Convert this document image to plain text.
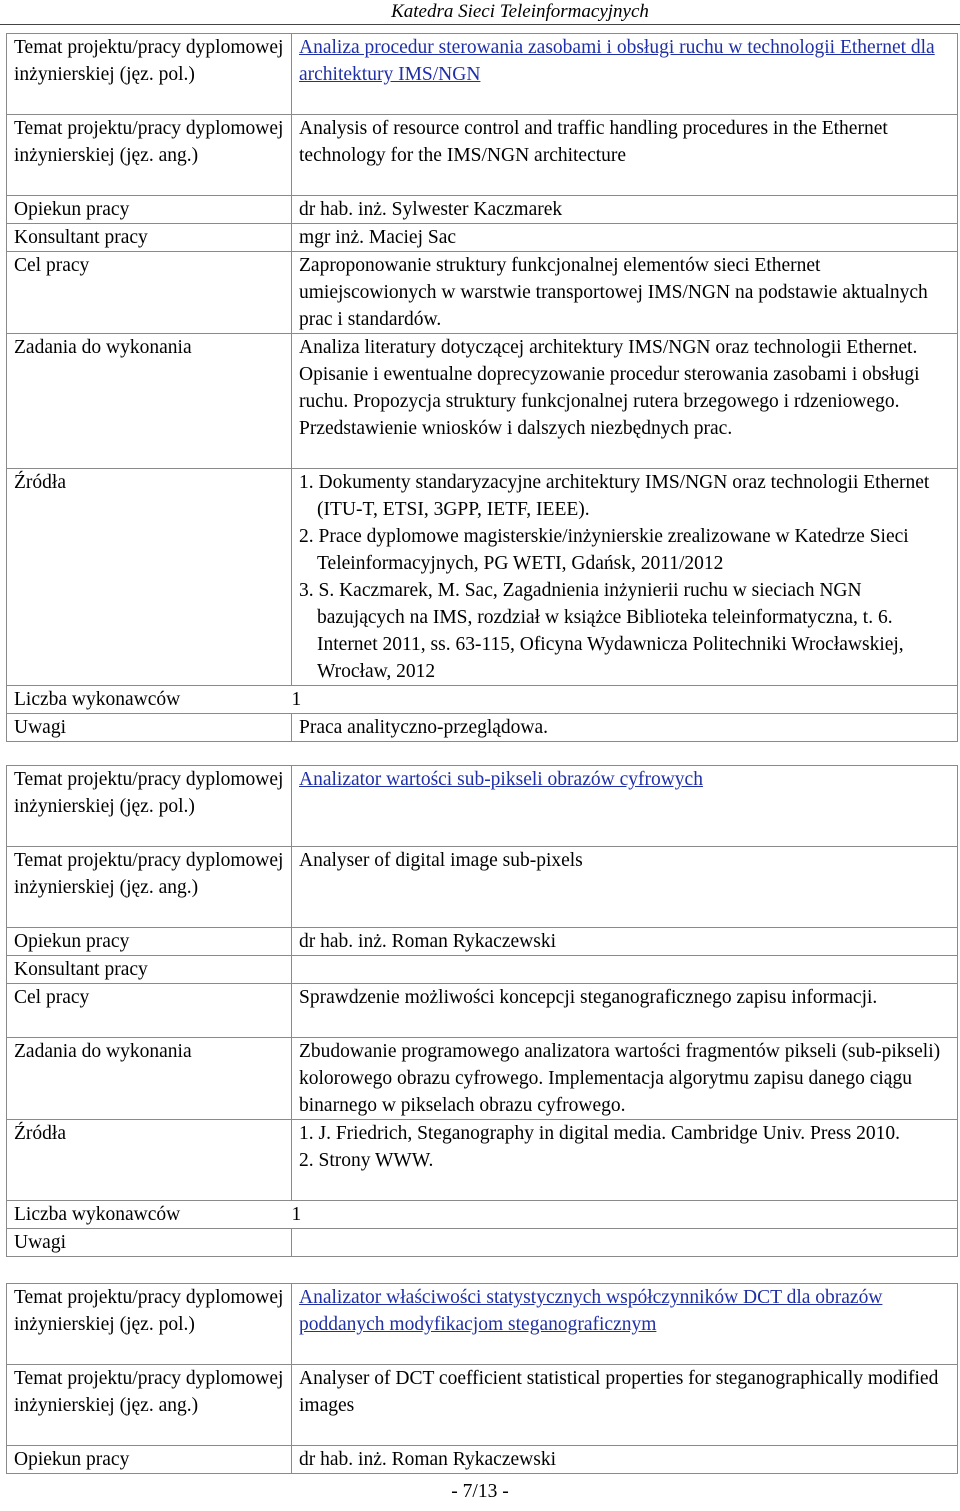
Katedra Sieci Teleinformacyjnych
Temat projektu/pracy dyplomowej inżynierskiej (jęz. pol.)	Analiza procedur sterowania zasobami i obsługi ruchu w technologii Ethernet dla architektury IMS/NGN
Temat projektu/pracy dyplomowej inżynierskiej (jęz. ang.)	Analysis of resource control and traffic handling procedures in the Ethernet technology for the IMS/NGN architecture
Opiekun pracy	dr hab. inż. Sylwester Kaczmarek
Konsultant pracy	mgr inż. Maciej Sac
Cel pracy	Zaproponowanie struktury funkcjonalnej elementów sieci Ethernet umiejscowionych w warstwie transportowej IMS/NGN na podstawie aktualnych prac i standardów.
Zadania do wykonania	Analiza literatury dotyczącej architektury IMS/NGN oraz technologii Ethernet. Opisanie i ewentualne doprecyzowanie procedur sterowania zasobami i obsługi ruchu. Propozycja struktury funkcjonalnej rutera brzegowego i rdzeniowego. Przedstawienie wniosków i dalszych niezbędnych prac.
Źródła	1. Dokumenty standaryzacyjne architektury IMS/NGN oraz technologii Ethernet (ITU-T, ETSI, 3GPP, IETF, IEEE).
2. Prace dyplomowe magisterskie/inżynierskie zrealizowane w Katedrze Sieci Teleinformacyjnych, PG WETI, Gdańsk, 2011/2012
3. S. Kaczmarek, M. Sac, Zagadnienia inżynierii ruchu w sieciach NGN bazujących na IMS, rozdział w książce Biblioteka teleinformatyczna, t. 6. Internet 2011, ss. 63-115, Oficyna Wydawnicza Politechniki Wrocławskiej, Wrocław, 2012

Liczba wykonawców	1
Uwagi	Praca analityczno-przeglądowa.
Temat projektu/pracy dyplomowej inżynierskiej (jęz. pol.)	Analizator wartości sub-pikseli obrazów cyfrowych
Temat projektu/pracy dyplomowej inżynierskiej (jęz. ang.)	Analyser of digital image sub-pixels
Opiekun pracy	dr hab. inż. Roman Rykaczewski
Konsultant pracy	
Cel pracy	Sprawdzenie możliwości koncepcji steganograficznego zapisu informacji.
Zadania do wykonania	Zbudowanie programowego analizatora wartości fragmentów pikseli (sub-pikseli) kolorowego obrazu cyfrowego. Implementacja algorytmu zapisu danego ciągu binarnego w pikselach obrazu cyfrowego.
Źródła	1. J. Friedrich, Steganography in digital media. Cambridge Univ. Press 2010.
2. Strony WWW.

Liczba wykonawców	1
Uwagi	
Temat projektu/pracy dyplomowej inżynierskiej (jęz. pol.)	Analizator właściwości statystycznych współczynników DCT dla obrazów poddanych modyfikacjom steganograficznym
Temat projektu/pracy dyplomowej inżynierskiej (jęz. ang.)	Analyser of DCT coefficient statistical properties for steganographically modified images
Opiekun pracy	dr hab. inż. Roman Rykaczewski
- 7/13 -
